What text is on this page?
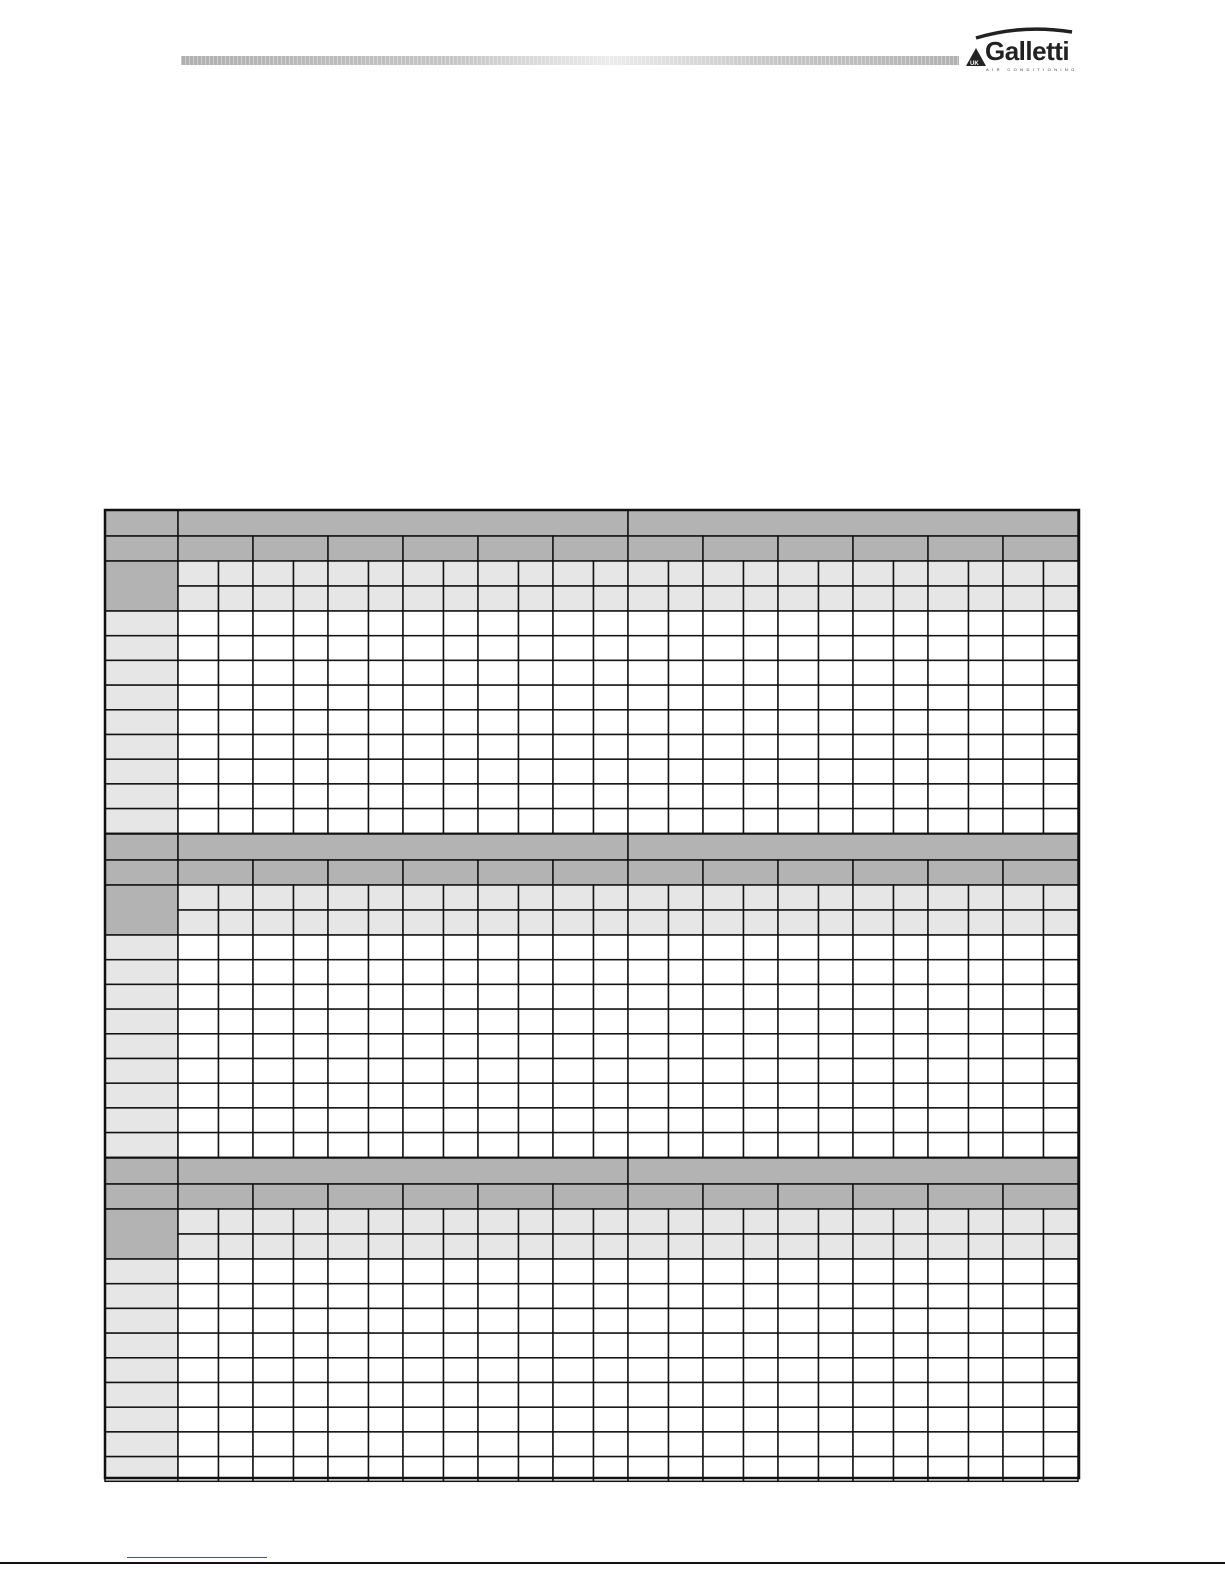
UK Galletti
AIR CONDITIONING
